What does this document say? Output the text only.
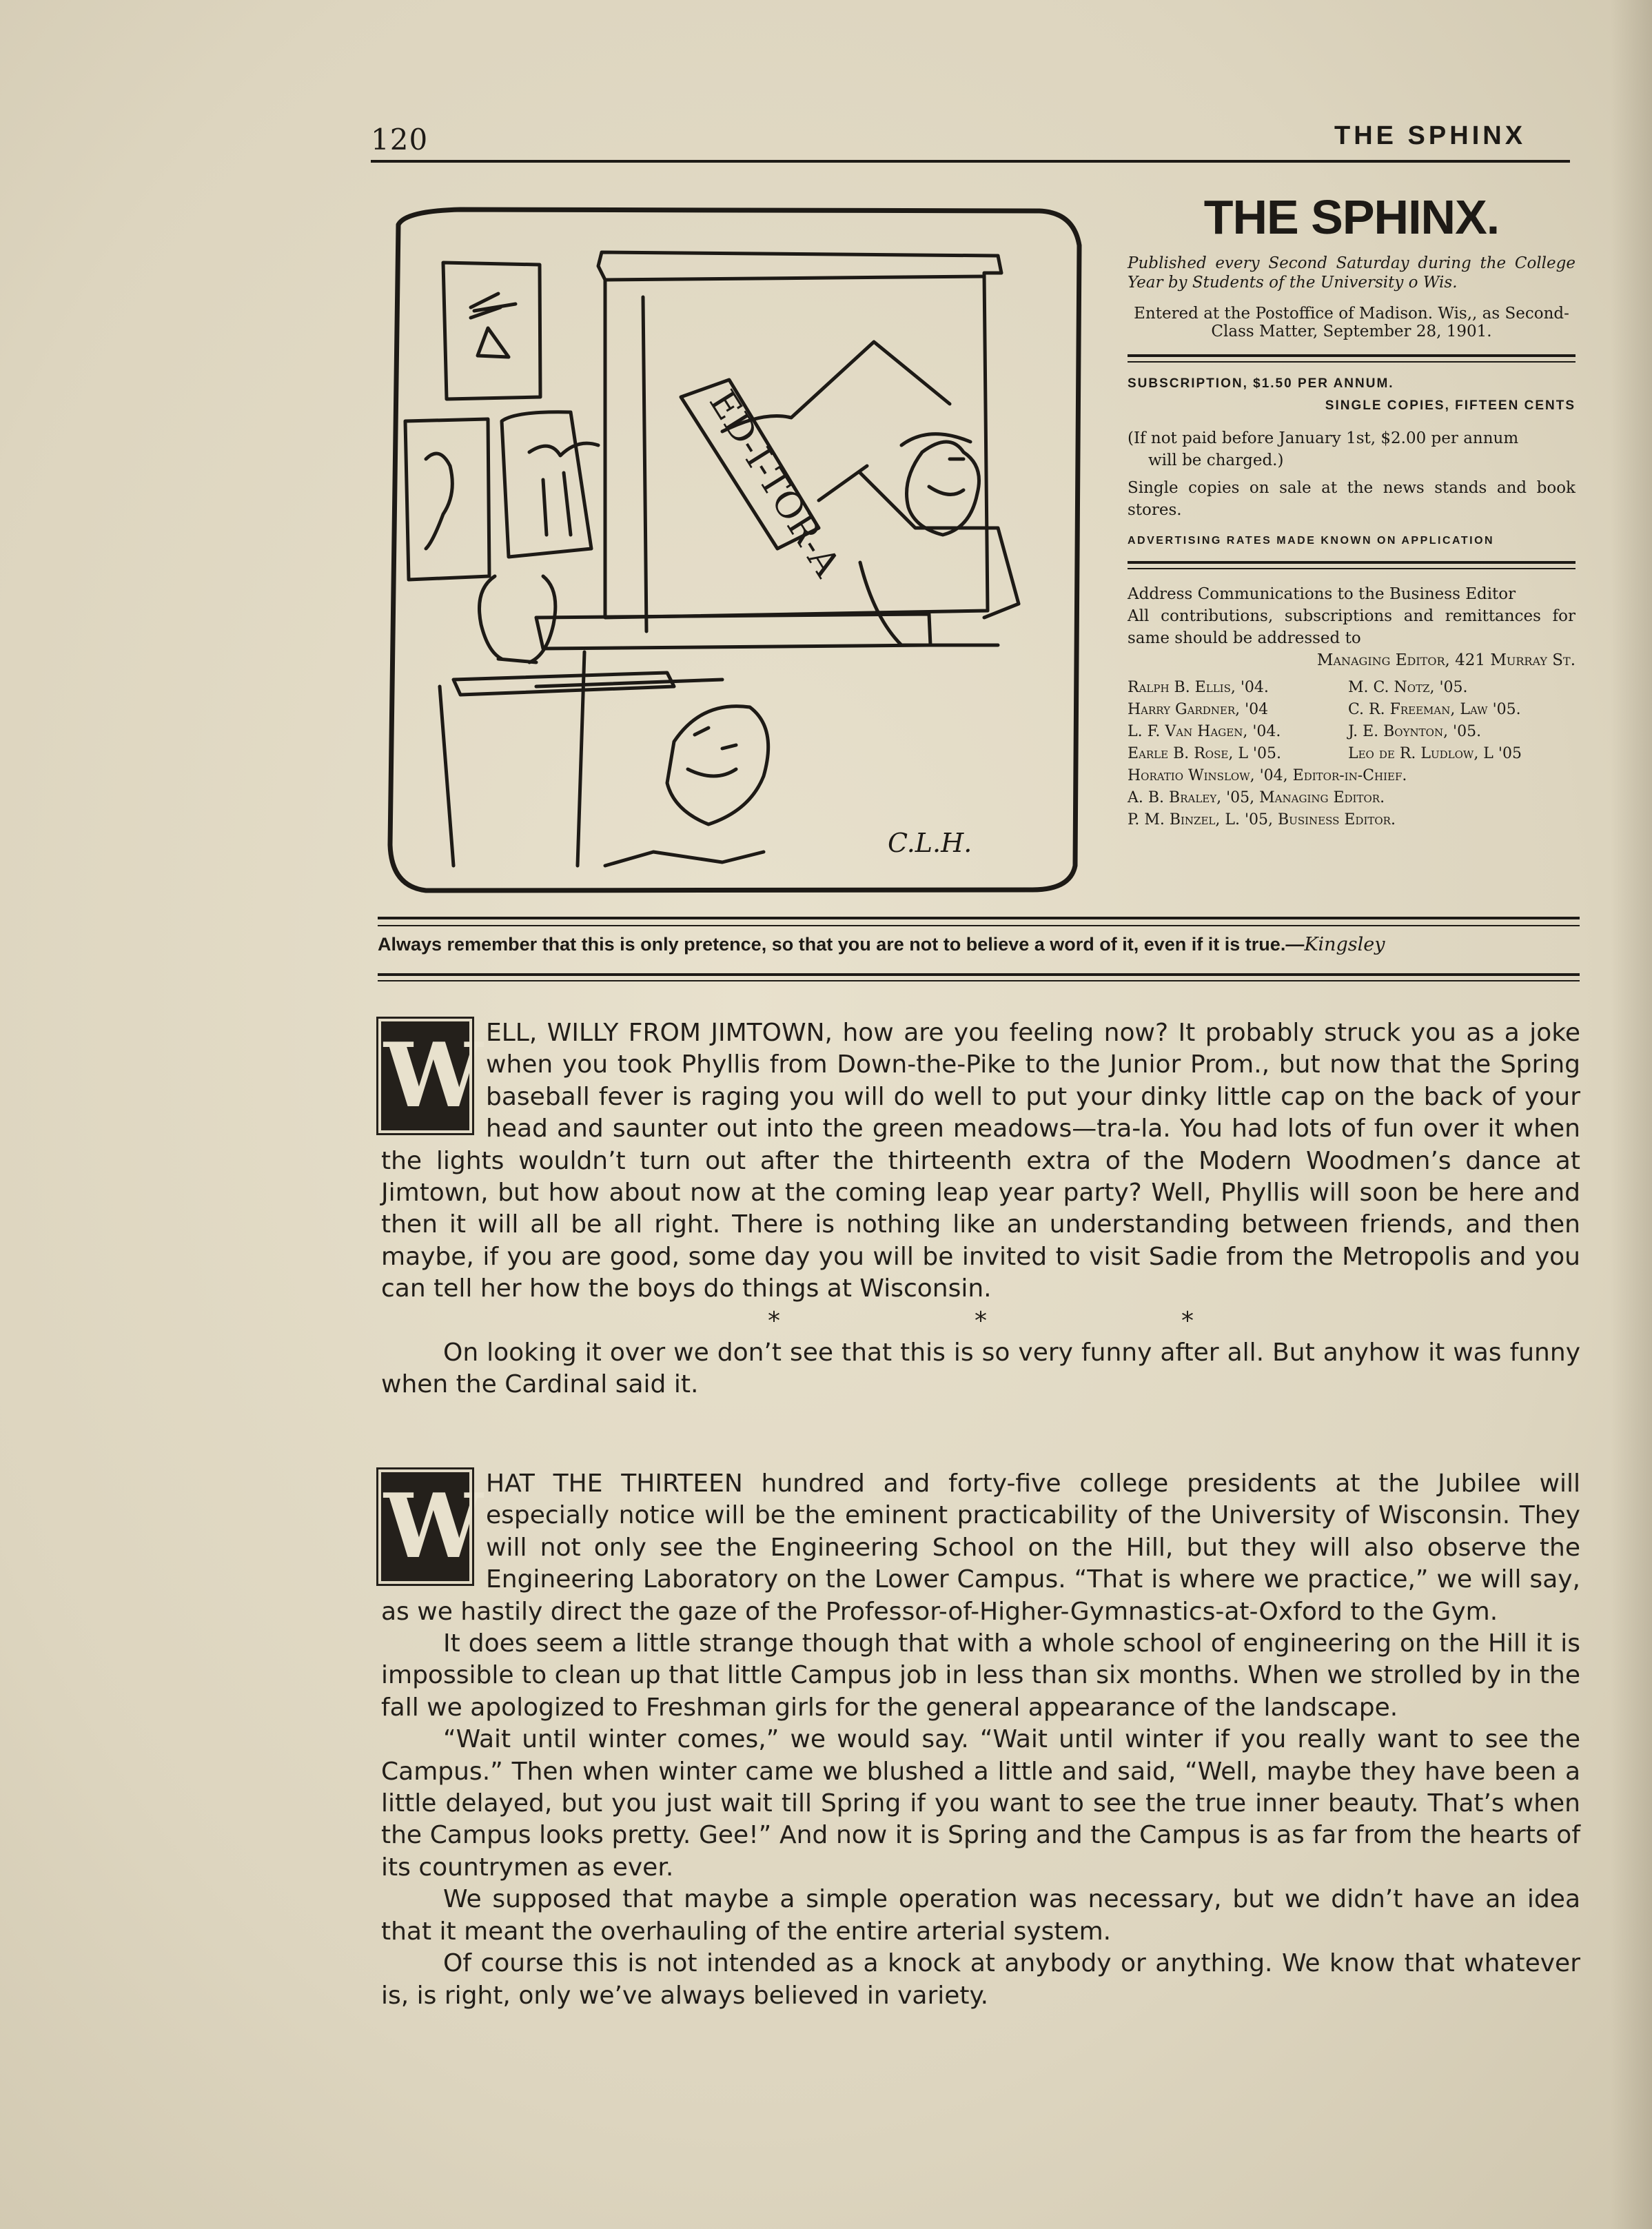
120	THE SPHINX
ED-I-TOR-A
C.L.H.
THE SPHINX.

Published every Second Saturday during the College Year by Students of the University o Wis.

Entered at the Postoffice of Madison. Wis,, as Second-Class Matter, September 28, 1901.

SUBSCRIPTION, $1.50 PER ANNUM.

SINGLE COPIES, FIFTEEN CENTS

(If not paid before January 1st, $2.00 per annum
will be charged.)

Single copies on sale at the news stands and book stores.

ADVERTISING RATES MADE KNOWN ON APPLICATION

Address Communications to the Business Editor

All contributions, subscriptions and remittances for same should be addressed to

Managing Editor, 421 Murray St.

Ralph B. Ellis, '04.	M. C. Notz, '05.
Harry Gardner, '04	C. R. Freeman, Law '05.
L. F. Van Hagen, '04.	J. E. Boynton, '05.
Earle B. Rose, L '05.	Leo de R. Ludlow, L '05
Horatio Winslow, '04, Editor-in-Chief.
A. B. Braley, '05, Managing Editor.
P. M. Binzel, L. '05, Business Editor.
Always remember that this is only pretence, so that you are not to believe a word of it, even if it is true.—Kingsley
W ELL, WILLY FROM JIMTOWN, how are you feeling now? It probably struck you as a joke when you took Phyllis from Down-the-Pike to the Junior Prom., but now that the Spring baseball fever is raging you will do well to put your dinky little cap on the back of your head and saunter out into the green meadows—tra-la. You had lots of fun over it when the lights wouldn’t turn out after the thirteenth extra of the Modern Woodmen’s dance at Jimtown, but how about now at the coming leap year party? Well, Phyllis will soon be here and then it will all be all right. There is nothing like an understanding between friends, and then maybe, if you are good, some day you will be invited to visit Sadie from the Metropolis and you can tell her how the boys do things at Wisconsin.

*	*	*

On looking it over we don’t see that this is so very funny after all. But anyhow it was funny when the Cardinal said it.

W HAT THE THIRTEEN hundred and forty-five college presidents at the Jubilee will especially notice will be the eminent practicability of the University of Wisconsin. They will not only see the Engineering School on the Hill, but they will also observe the Engineering Laboratory on the Lower Campus. “That is where we practice,” we will say, as we hastily direct the gaze of the Professor-of-Higher-Gymnastics-at-Oxford to the Gym.

It does seem a little strange though that with a whole school of engineering on the Hill it is impossible to clean up that little Campus job in less than six months. When we strolled by in the fall we apologized to Freshman girls for the general appearance of the landscape.

“Wait until winter comes,” we would say. “Wait until winter if you really want to see the Campus.” Then when winter came we blushed a little and said, “Well, maybe they have been a little delayed, but you just wait till Spring if you want to see the true inner beauty. That’s when the Campus looks pretty. Gee!” And now it is Spring and the Campus is as far from the hearts of its countrymen as ever.

We supposed that maybe a simple operation was necessary, but we didn’t have an idea that it meant the overhauling of the entire arterial system.

Of course this is not intended as a knock at anybody or anything. We know that whatever is, is right, only we’ve always believed in variety.
